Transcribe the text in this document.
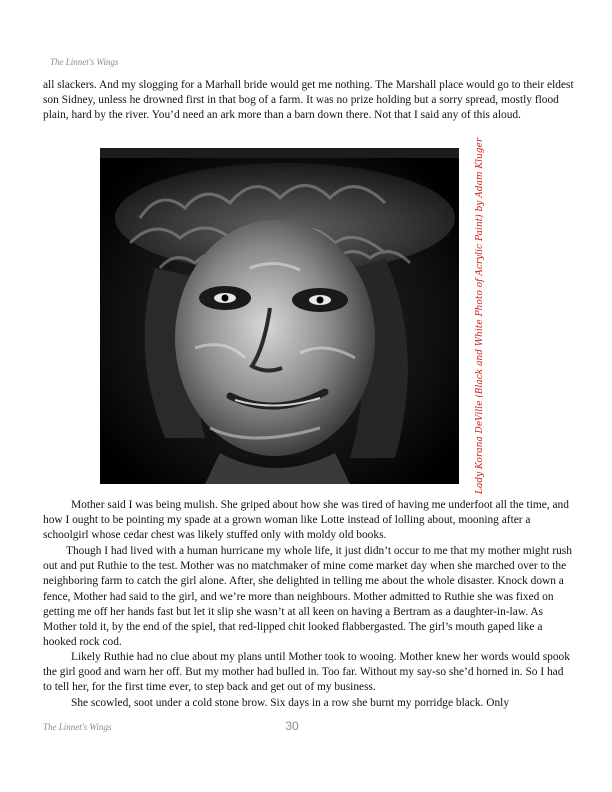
The Linnet's Wings

all slackers. And my slogging for a Marhall bride would get me nothing. The Marshall place would go to their eldest son Sidney, unless he drowned first in that bog of a farm. It was no prize holding but a sorry spread, mostly flood plain, hard by the river. You’d need an ark more than a barn down there. Not that I said any of this aloud.

Lady Korana DeVille (Black and White Photo of Acrylic Paint) by Adam Kluger

Mother said I was being mulish. She griped about how she was tired of having me underfoot all the time, and how I ought to be pointing my spade at a grown woman like Lotte instead of lolling about, mooning after a schoolgirl whose cedar chest was likely stuffed only with moldy old books.

Though I had lived with a human hurricane my whole life, it just didn’t occur to me that my mother might rush out and put Ruthie to the test. Mother was no matchmaker of mine come market day when she marched over to the neighboring farm to catch the girl alone. After, she delighted in telling me about the whole disaster. Knock down a fence, Mother had said to the girl, and we’re more than neighbours. Mother admitted to Ruthie she was fixed on getting me off her hands fast but let it slip she wasn’t at all keen on having a Bertram as a daughter-in-law. As Mother told it, by the end of the spiel, that red-lipped chit looked flabbergasted. The girl’s mouth gaped like a hooked rock cod.

Likely Ruthie had no clue about my plans until Mother took to wooing. Mother knew her words would spook the girl good and warn her off. But my mother had bulled in. Too far. Without my say-so she’d horned in. So I had to tell her, for the first time ever, to step back and get out of my business.

She scowled, soot under a cold stone brow. Six days in a row she burnt my porridge black. Only

The Linnet's Wings	30
